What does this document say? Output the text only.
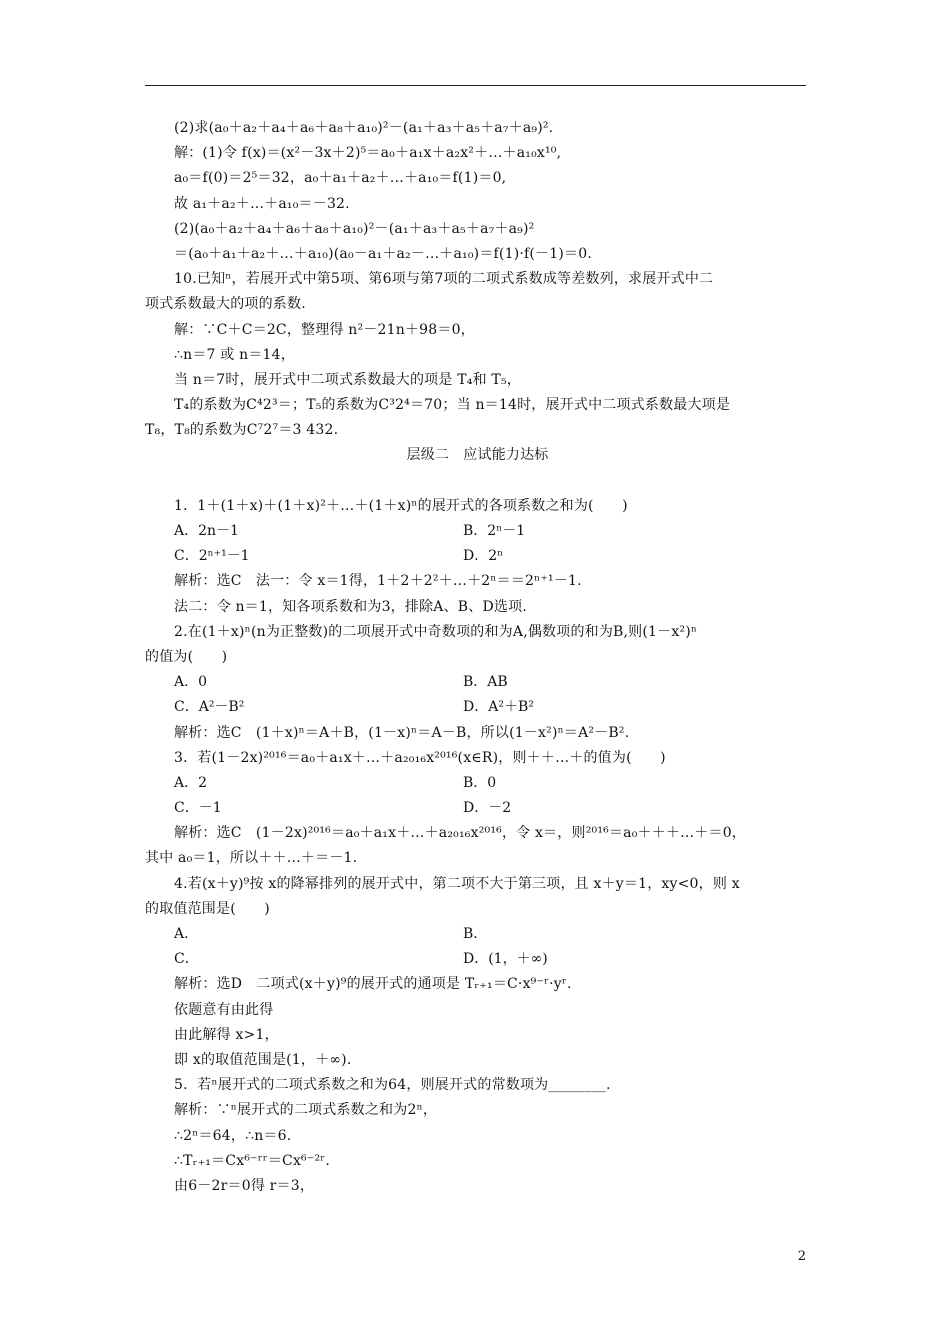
(2)求(a₀＋a₂＋a₄＋a₆＋a₈＋a₁₀)²－(a₁＋a₃＋a₅＋a₇＋a₉)².
解：(1)令 f(x)＝(x²－3x＋2)⁵＝a₀＋a₁x＋a₂x²＋…＋a₁₀x¹⁰,
a₀＝f(0)＝2⁵＝32，a₀＋a₁＋a₂＋…＋a₁₀＝f(1)＝0,
故 a₁＋a₂＋…＋a₁₀＝－32.
(2)(a₀＋a₂＋a₄＋a₆＋a₈＋a₁₀)²－(a₁＋a₃＋a₅＋a₇＋a₉)²
＝(a₀＋a₁＋a₂＋…＋a₁₀)(a₀－a₁＋a₂－…＋a₁₀)＝f(1)·f(－1)＝0.
10.已知ⁿ，若展开式中第5项、第6项与第7项的二项式系数成等差数列，求展开式中二
项式系数最大的项的系数.
解：∵C＋C＝2C，整理得 n²－21n＋98＝0，
∴n＝7 或 n＝14，
当 n＝7时，展开式中二项式系数最大的项是 T₄和 T₅，
T₄的系数为C⁴2³＝；T₅的系数为C³2⁴＝70；当 n＝14时，展开式中二项式系数最大项是
T₈，T₈的系数为C⁷2⁷＝3 432.
层级二　应试能力达标
1．1＋(1＋x)＋(1＋x)²＋…＋(1＋x)ⁿ的展开式的各项系数之和为(　　)
A．2n－1	B．2ⁿ－1
C．2ⁿ⁺¹－1	D．2ⁿ
解析：选C　法一：令 x＝1得，1＋2＋2²＋…＋2ⁿ＝＝2ⁿ⁺¹－1.
法二：令 n＝1，知各项系数和为3，排除A、B、D选项.
2.在(1＋x)ⁿ(n为正整数)的二项展开式中奇数项的和为A,偶数项的和为B,则(1－x²)ⁿ
的值为(　　)
A．0	B．AB
C．A²－B²	D．A²＋B²
解析：选C　(1＋x)ⁿ＝A＋B，(1－x)ⁿ＝A－B，所以(1－x²)ⁿ＝A²－B².
3．若(1－2x)²⁰¹⁶＝a₀＋a₁x＋…＋a₂₀₁₆x²⁰¹⁶(x∈R)，则＋＋…＋的值为(　　)
A．2	B．0
C．－1	D．－2
解析：选C　(1－2x)²⁰¹⁶＝a₀＋a₁x＋…＋a₂₀₁₆x²⁰¹⁶，令 x＝，则²⁰¹⁶＝a₀＋＋＋…＋＝0，
其中 a₀＝1，所以＋＋…＋＝－1.
4.若(x＋y)⁹按 x的降幂排列的展开式中，第二项不大于第三项，且 x＋y＝1，xy<0，则 x
的取值范围是(　　)
A．	B．
C．	D．(1，＋∞)
解析：选D　二项式(x＋y)⁹的展开式的通项是 Tᵣ₊₁＝C·x⁹⁻ʳ·yʳ.
依题意有由此得
由此解得 x>1，
即 x的取值范围是(1，＋∞).
5．若ⁿ展开式的二项式系数之和为64，则展开式的常数项为________.
解析：∵ⁿ展开式的二项式系数之和为2ⁿ，
∴2ⁿ＝64，∴n＝6.
∴Tᵣ₊₁＝Cx⁶⁻ʳʳ＝Cx⁶⁻²ʳ.
由6－2r＝0得 r＝3，
2
